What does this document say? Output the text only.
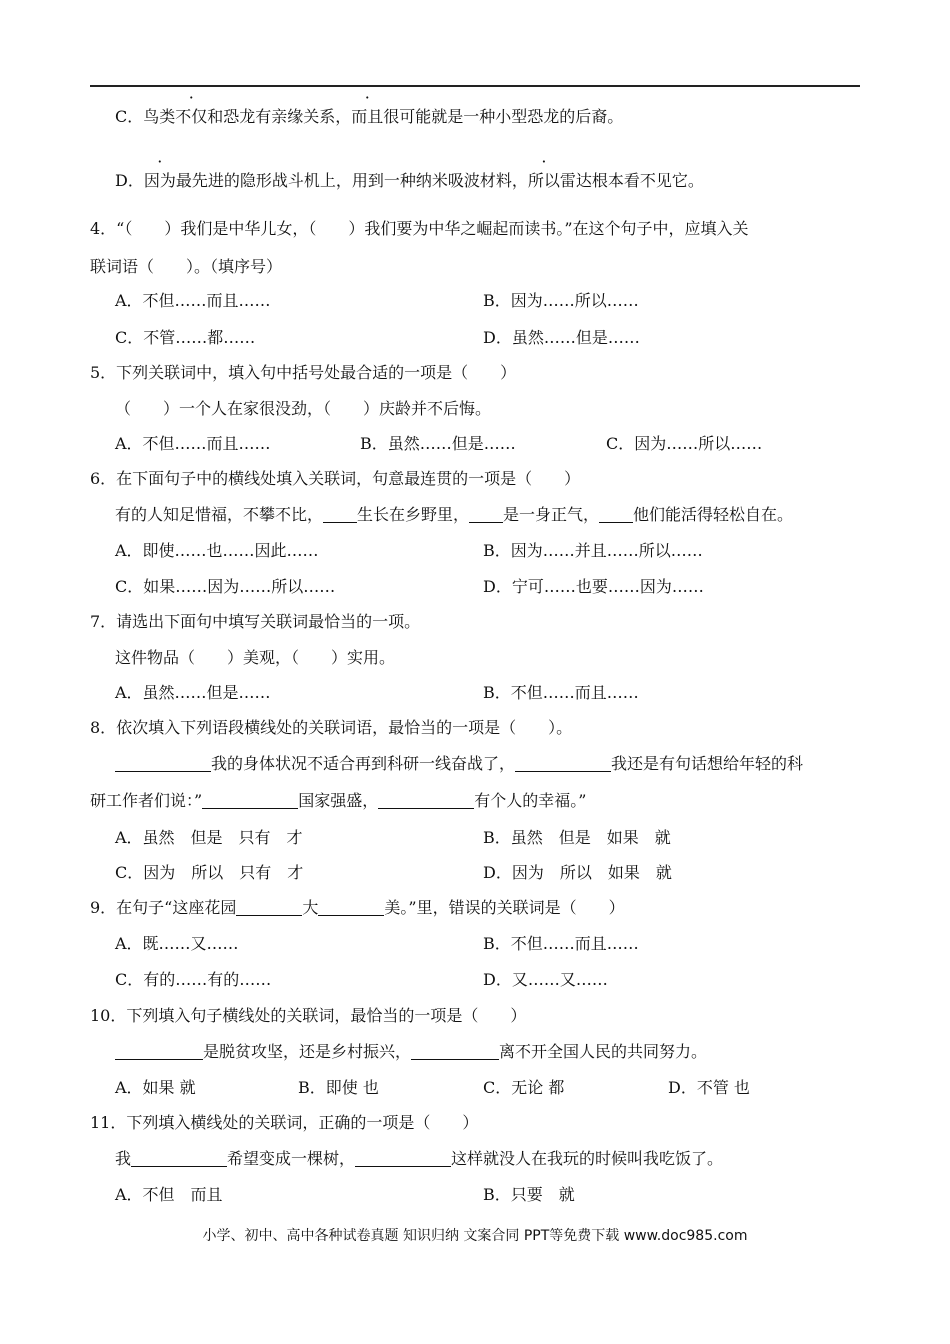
C．鸟类不仅和恐龙有亲缘关系，而且很可能就是一种小型恐龙的后裔。
D．因为最先进的隐形战斗机上，用到一种纳米吸波材料，所以雷达根本看不见它。
4．“（　　）我们是中华儿女，（　　）我们要为中华之崛起而读书。”在这个句子中，应填入关
联词语（　　）。（填序号）
A．不但……而且……	B．因为……所以……
C．不管……都……	D．虽然……但是……
5．下列关联词中，填入句中括号处最合适的一项是（　　）
（　　）一个人在家很没劲，（　　）庆龄并不后悔。
A．不但……而且……	B．虽然……但是……	C．因为……所以……
6．在下面句子中的横线处填入关联词，句意最连贯的一项是（　　）
有的人知足惜福，不攀不比， 生长在乡野里， 是一身正气， 他们能活得轻松自在。
A．即使……也……因此……	B．因为……并且……所以……
C．如果……因为……所以……	D．宁可……也要……因为……
7．请选出下面句中填写关联词最恰当的一项。
这件物品（　　）美观，（　　）实用。
A．虽然……但是……	B．不但……而且……
8．依次填入下列语段横线处的关联词语，最恰当的一项是（　　）。
我的身体状况不适合再到科研一线奋战了，	我还是有句话想给年轻的科
研工作者们说：”	国家强盛，	有个人的幸福。”
A．虽然　但是　只有　才	B．虽然　但是　如果　就
C．因为　所以　只有　才	D．因为　所以　如果　就
9．在句子“这座花园	大	美。”里，错误的关联词是（　　）
A．既……又……	B．不但……而且……
C．有的……有的……	D．又……又……
10．下列填入句子横线处的关联词，最恰当的一项是（　　）
是脱贫攻坚，还是乡村振兴，	离不开全国人民的共同努力。
A．如果 就	B．即使 也	C．无论 都	D．不管 也
11．下列填入横线处的关联词，正确的一项是（　　）
我	希望变成一棵树，	这样就没人在我玩的时候叫我吃饭了。
A．不但　而且	B．只要　就
小学、初中、高中各种试卷真题 知识归纳 文案合同 PPT等免费下载 www.doc985.com
